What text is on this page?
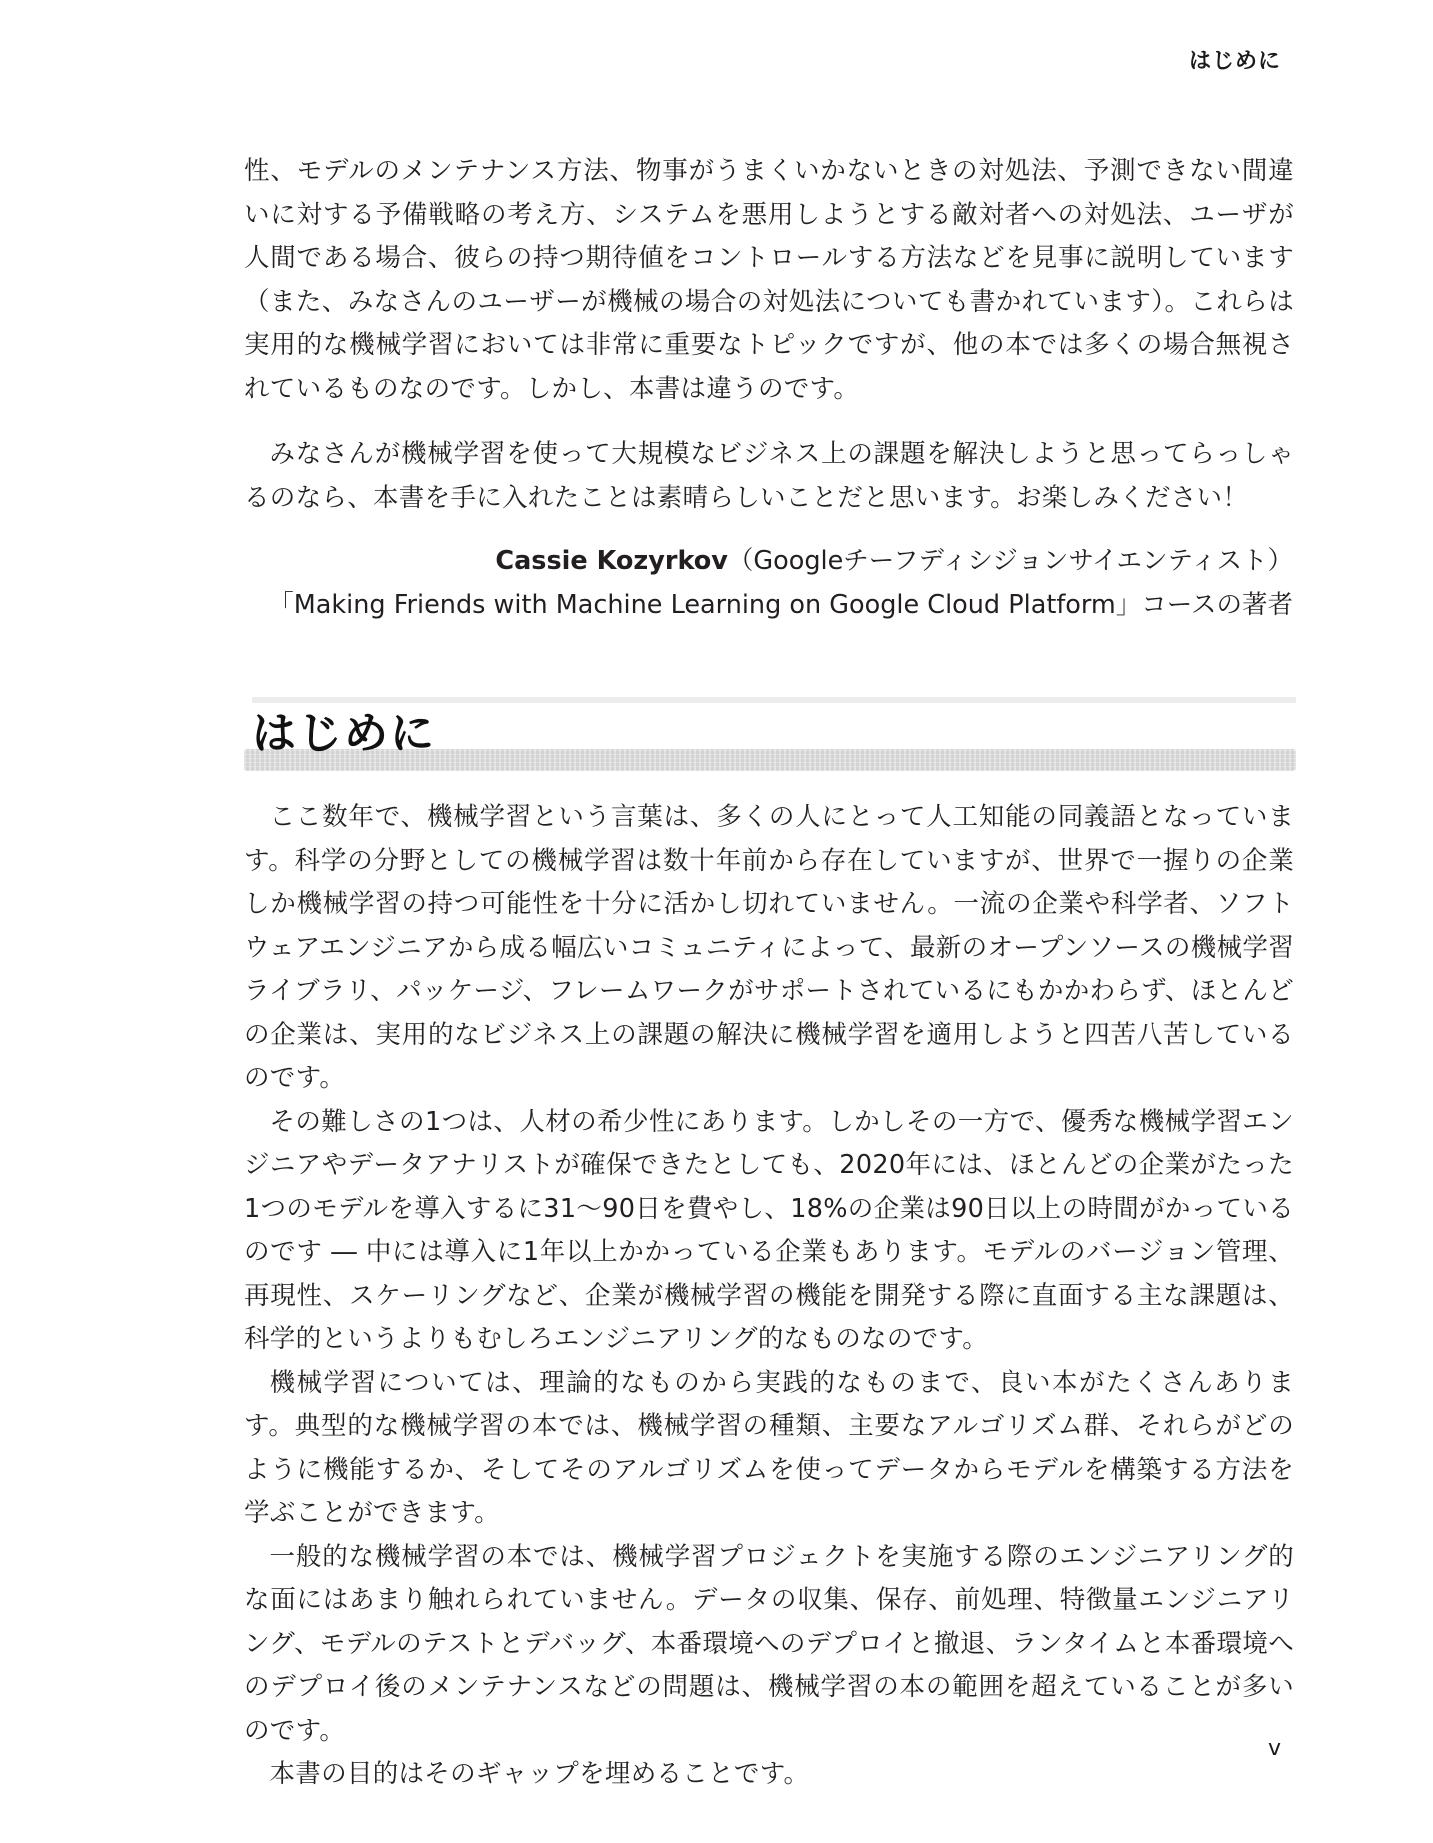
はじめに

性、モデルのメンテナンス方法、物事がうまくいかないときの対処法、予測できない間違いに対する予備戦略の考え方、システムを悪用しようとする敵対者への対処法、ユーザが人間である場合、彼らの持つ期待値をコントロールする方法などを見事に説明しています（また、みなさんのユーザーが機械の場合の対処法についても書かれています）。これらは実用的な機械学習においては非常に重要なトピックですが、他の本では多くの場合無視されているものなのです。しかし、本書は違うのです。

みなさんが機械学習を使って大規模なビジネス上の課題を解決しようと思ってらっしゃるのなら、本書を手に入れたことは素晴らしいことだと思います。お楽しみください！

Cassie Kozyrkov（Googleチーフディシジョンサイエンティスト）
「Making Friends with Machine Learning on Google Cloud Platform」コースの著者
はじめに

ここ数年で、機械学習という言葉は、多くの人にとって人工知能の同義語となっています。科学の分野としての機械学習は数十年前から存在していますが、世界で一握りの企業しか機械学習の持つ可能性を十分に活かし切れていません。一流の企業や科学者、ソフトウェアエンジニアから成る幅広いコミュニティによって、最新のオープンソースの機械学習ライブラリ、パッケージ、フレームワークがサポートされているにもかかわらず、ほとんどの企業は、実用的なビジネス上の課題の解決に機械学習を適用しようと四苦八苦しているのです。

その難しさの1つは、人材の希少性にあります。しかしその一方で、優秀な機械学習エンジニアやデータアナリストが確保できたとしても、2020年には、ほとんどの企業がたった1つのモデルを導入するに31〜90日を費やし、18%の企業は90日以上の時間がかっているのです ― 中には導入に1年以上かかっている企業もあります。モデルのバージョン管理、再現性、スケーリングなど、企業が機械学習の機能を開発する際に直面する主な課題は、科学的というよりもむしろエンジニアリング的なものなのです。

機械学習については、理論的なものから実践的なものまで、良い本がたくさんあります。典型的な機械学習の本では、機械学習の種類、主要なアルゴリズム群、それらがどのように機能するか、そしてそのアルゴリズムを使ってデータからモデルを構築する方法を学ぶことができます。

一般的な機械学習の本では、機械学習プロジェクトを実施する際のエンジニアリング的な面にはあまり触れられていません。データの収集、保存、前処理、特徴量エンジニアリング、モデルのテストとデバッグ、本番環境へのデプロイと撤退、ランタイムと本番環境へのデプロイ後のメンテナンスなどの問題は、機械学習の本の範囲を超えていることが多いのです。

本書の目的はそのギャップを埋めることです。

v
